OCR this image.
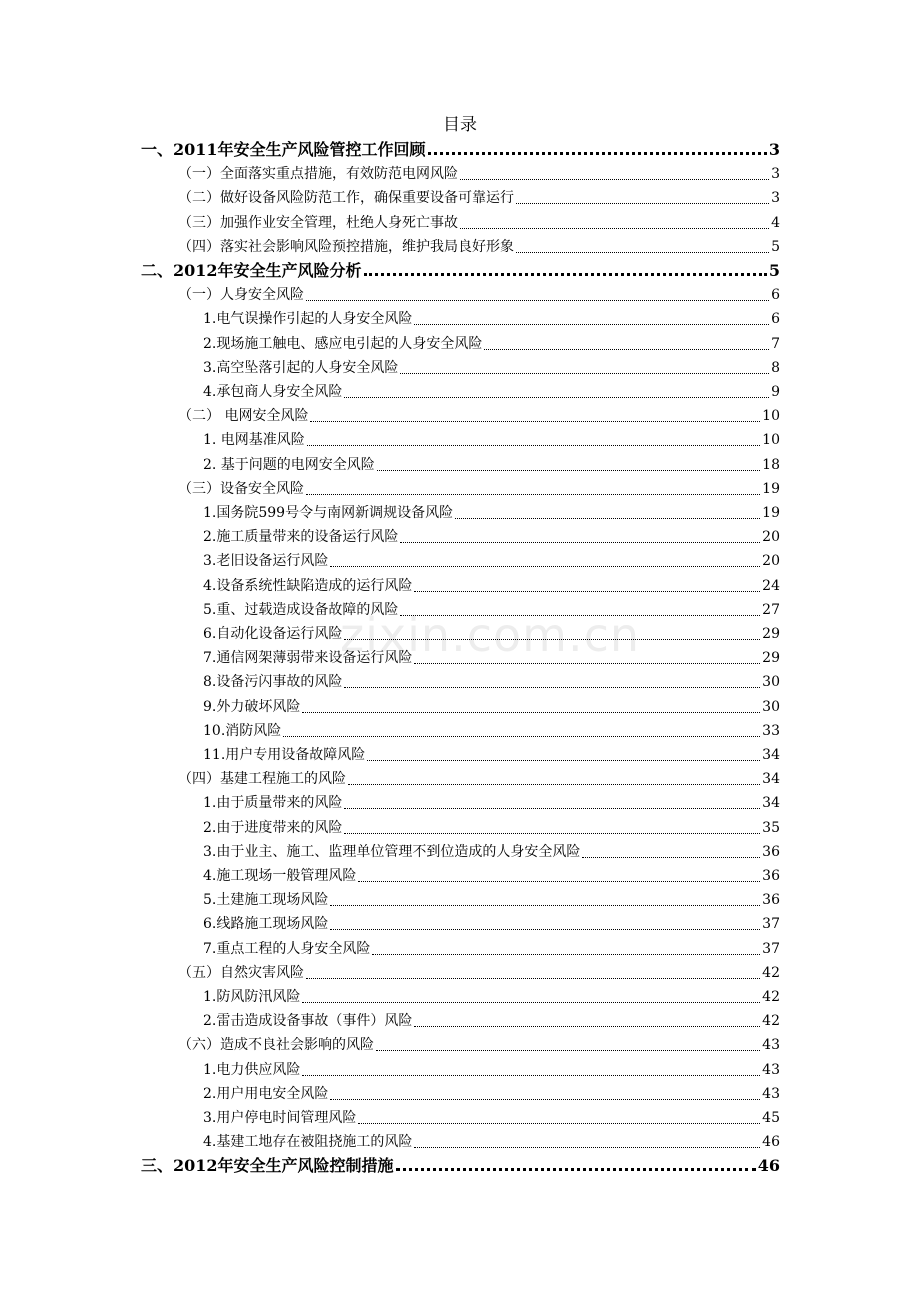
目录
一、2011年安全生产风险管控工作回顾	3
（一）全面落实重点措施，有效防范电网风险	3
（二）做好设备风险防范工作，确保重要设备可靠运行	3
（三）加强作业安全管理，杜绝人身死亡事故	4
（四）落实社会影响风险预控措施，维护我局良好形象	5
二、2012年安全生产风险分析	5
（一）人身安全风险	6
1.电气误操作引起的人身安全风险	6
2.现场施工触电、感应电引起的人身安全风险	7
3.高空坠落引起的人身安全风险	8
4.承包商人身安全风险	9
（二） 电网安全风险	10
1. 电网基准风险	10
2. 基于问题的电网安全风险	18
（三）设备安全风险	19
1.国务院599号令与南网新调规设备风险	19
2.施工质量带来的设备运行风险	20
3.老旧设备运行风险	20
4.设备系统性缺陷造成的运行风险	24
5.重、过载造成设备故障的风险	27
6.自动化设备运行风险	29
7.通信网架薄弱带来设备运行风险	29
8.设备污闪事故的风险	30
9.外力破坏风险	30
10.消防风险	33
11.用户专用设备故障风险	34
（四）基建工程施工的风险	34
1.由于质量带来的风险	34
2.由于进度带来的风险	35
3.由于业主、施工、监理单位管理不到位造成的人身安全风险	36
4.施工现场一般管理风险	36
5.土建施工现场风险	36
6.线路施工现场风险	37
7.重点工程的人身安全风险	37
（五）自然灾害风险	42
1.防风防汛风险	42
2.雷击造成设备事故（事件）风险	42
（六）造成不良社会影响的风险	43
1.电力供应风险	43
2.用户用电安全风险	43
3.用户停电时间管理风险	45
4.基建工地存在被阻挠施工的风险	46
三、2012年安全生产风险控制措施	46
zixin.com.cn
